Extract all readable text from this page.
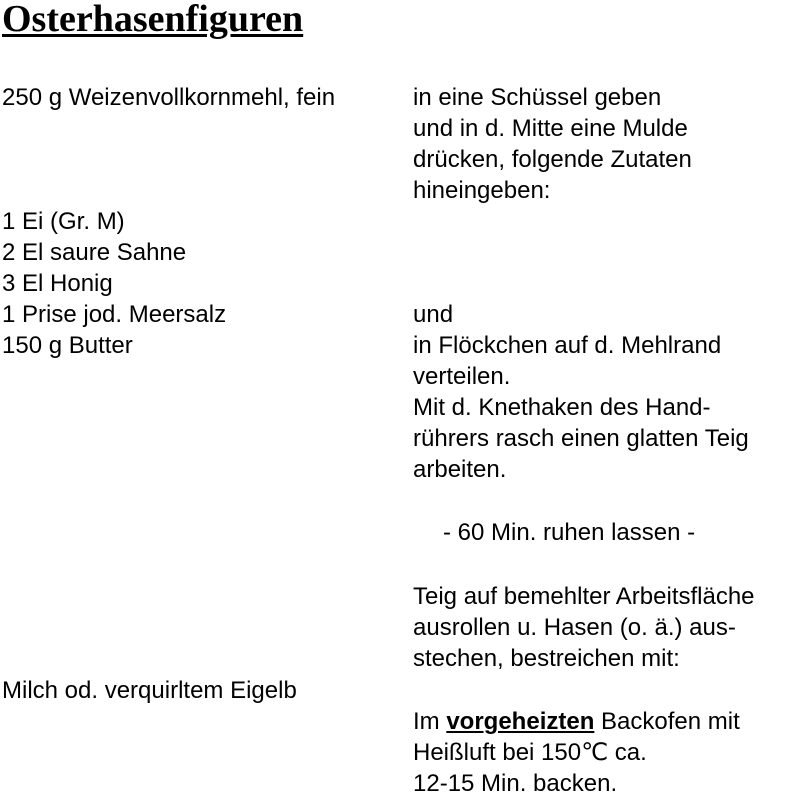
Osterhasenfiguren

250 g Weizenvollkornmehl, fein

1 Ei (Gr. M)

2 El saure Sahne

3 El Honig

1 Prise jod. Meersalz

150 g Butter

Milch od. verquirltem Eigelb

in eine Schüssel geben

und in d. Mitte eine Mulde

drücken, folgende Zutaten

hineingeben:

und

in Flöckchen auf d. Mehlrand

verteilen.

Mit d. Knethaken des Hand-

rührers rasch einen glatten Teig

arbeiten.

- 60 Min. ruhen lassen -

Teig auf bemehlter Arbeitsfläche

ausrollen u. Hasen (o. ä.) aus-

stechen, bestreichen mit:

Im vorgeheizten Backofen mit

Heißluft bei 150℃ ca.

12-15 Min. backen.
